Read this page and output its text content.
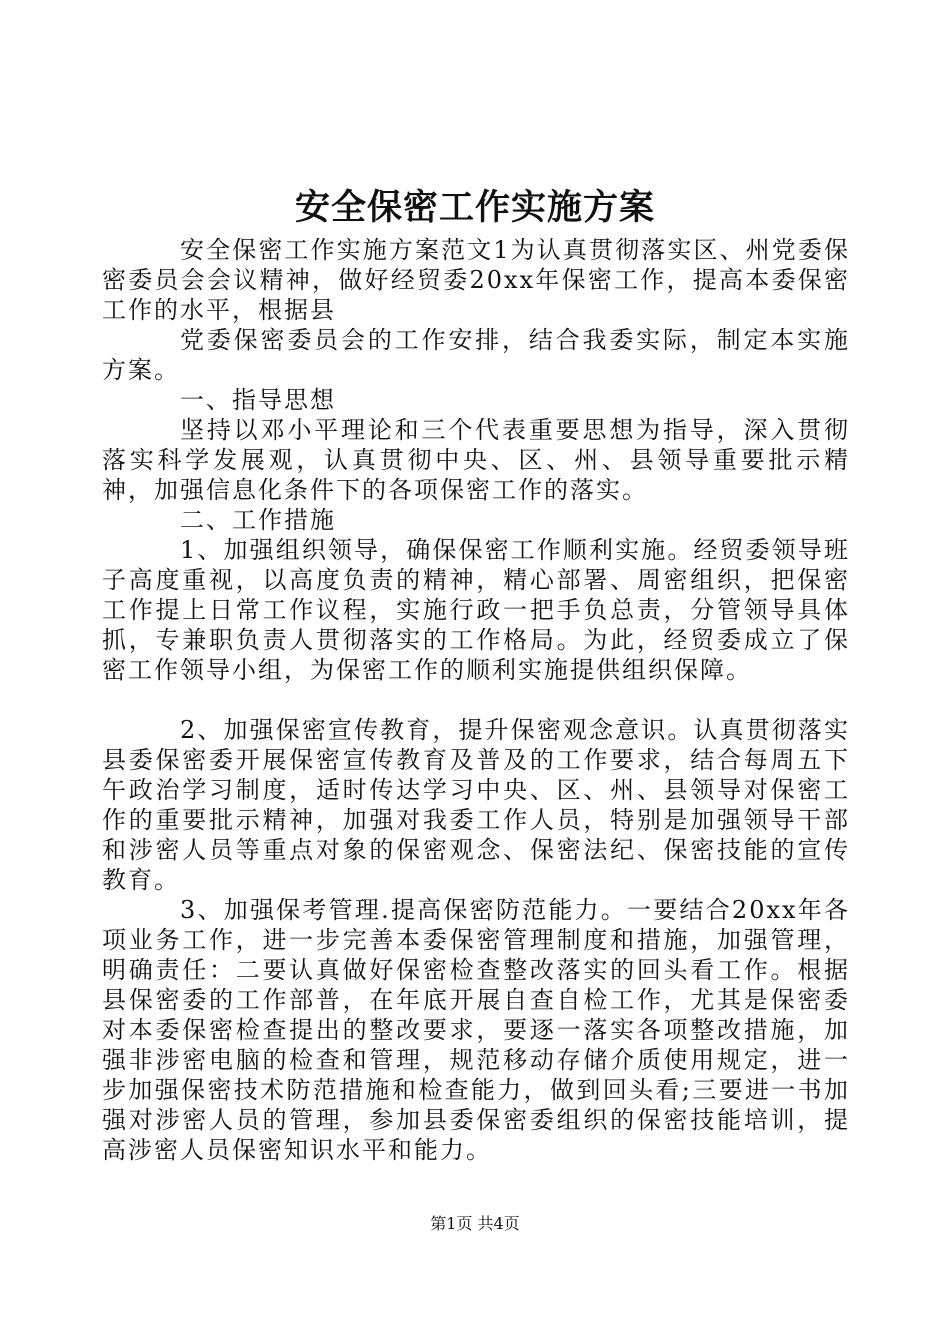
安全保密工作实施方案

安全保密工作实施方案范文1为认真贯彻落实区、州党委保密委员会会议精神，做好经贸委20xx年保密工作，提高本委保密工作的水平，根据县

党委保密委员会的工作安排，结合我委实际，制定本实施方案。

一、指导思想

坚持以邓小平理论和三个代表重要思想为指导，深入贯彻落实科学发展观，认真贯彻中央、区、州、县领导重要批示精神，加强信息化条件下的各项保密工作的落实。

二、工作措施

1、加强组织领导，确保保密工作顺利实施。经贸委领导班子高度重视，以高度负责的精神，精心部署、周密组织，把保密工作提上日常工作议程，实施行政一把手负总责，分管领导具体抓，专兼职负责人贯彻落实的工作格局。为此，经贸委成立了保密工作领导小组，为保密工作的顺利实施提供组织保障。

2、加强保密宣传教育，提升保密观念意识。认真贯彻落实县委保密委开展保密宣传教育及普及的工作要求，结合每周五下午政治学习制度，适时传达学习中央、区、州、县领导对保密工作的重要批示精神，加强对我委工作人员，特别是加强领导干部和涉密人员等重点对象的保密观念、保密法纪、保密技能的宣传教育。

3、加强保考管理.提高保密防范能力。一要结合20xx年各项业务工作，进一步完善本委保密管理制度和措施，加强管理，明确责任：二要认真做好保密检查整改落实的回头看工作。根据县保密委的工作部普，在年底开展自查自检工作，尤其是保密委对本委保密检查提出的整改要求，要逐一落实各项整改措施，加强非涉密电脑的检查和管理，规范移动存储介质使用规定，进一步加强保密技术防范措施和检查能力，做到回头看;三要进一书加强对涉密人员的管理，参加县委保密委组织的保密技能培训，提高涉密人员保密知识水平和能力。

第1页 共4页
